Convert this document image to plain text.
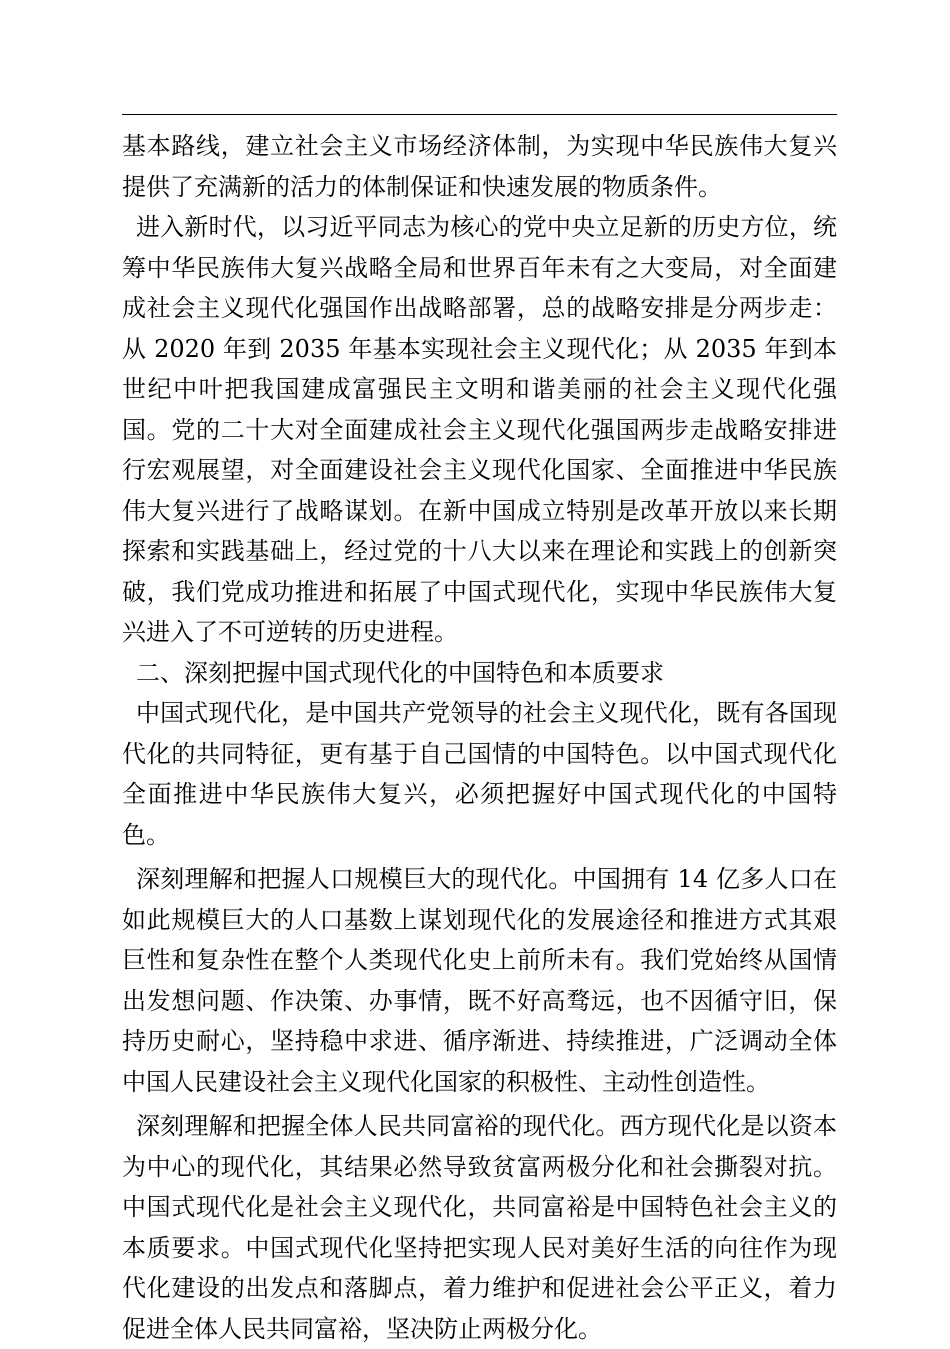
基本路线，建立社会主义市场经济体制，为实现中华民族伟大复兴提供了充满新的活力的体制保证和快速发展的物质条件。

进入新时代，以习近平同志为核心的党中央立足新的历史方位，统筹中华民族伟大复兴战略全局和世界百年未有之大变局，对全面建成社会主义现代化强国作出战略部署，总的战略安排是分两步走：从 2020 年到 2035 年基本实现社会主义现代化；从 2035 年到本世纪中叶把我国建成富强民主文明和谐美丽的社会主义现代化强国。党的二十大对全面建成社会主义现代化强国两步走战略安排进行宏观展望，对全面建设社会主义现代化国家、全面推进中华民族伟大复兴进行了战略谋划。在新中国成立特别是改革开放以来长期探索和实践基础上，经过党的十八大以来在理论和实践上的创新突破，我们党成功推进和拓展了中国式现代化，实现中华民族伟大复兴进入了不可逆转的历史进程。

二、深刻把握中国式现代化的中国特色和本质要求

中国式现代化，是中国共产党领导的社会主义现代化，既有各国现代化的共同特征，更有基于自己国情的中国特色。以中国式现代化全面推进中华民族伟大复兴，必须把握好中国式现代化的中国特色。

深刻理解和把握人口规模巨大的现代化。中国拥有 14 亿多人口在如此规模巨大的人口基数上谋划现代化的发展途径和推进方式其艰巨性和复杂性在整个人类现代化史上前所未有。我们党始终从国情出发想问题、作决策、办事情，既不好高骛远，也不因循守旧，保持历史耐心，坚持稳中求进、循序渐进、持续推进，广泛调动全体中国人民建设社会主义现代化国家的积极性、主动性创造性。

深刻理解和把握全体人民共同富裕的现代化。西方现代化是以资本为中心的现代化，其结果必然导致贫富两极分化和社会撕裂对抗。中国式现代化是社会主义现代化，共同富裕是中国特色社会主义的本质要求。中国式现代化坚持把实现人民对美好生活的向往作为现代化建设的出发点和落脚点，着力维护和促进社会公平正义，着力促进全体人民共同富裕，坚决防止两极分化。
